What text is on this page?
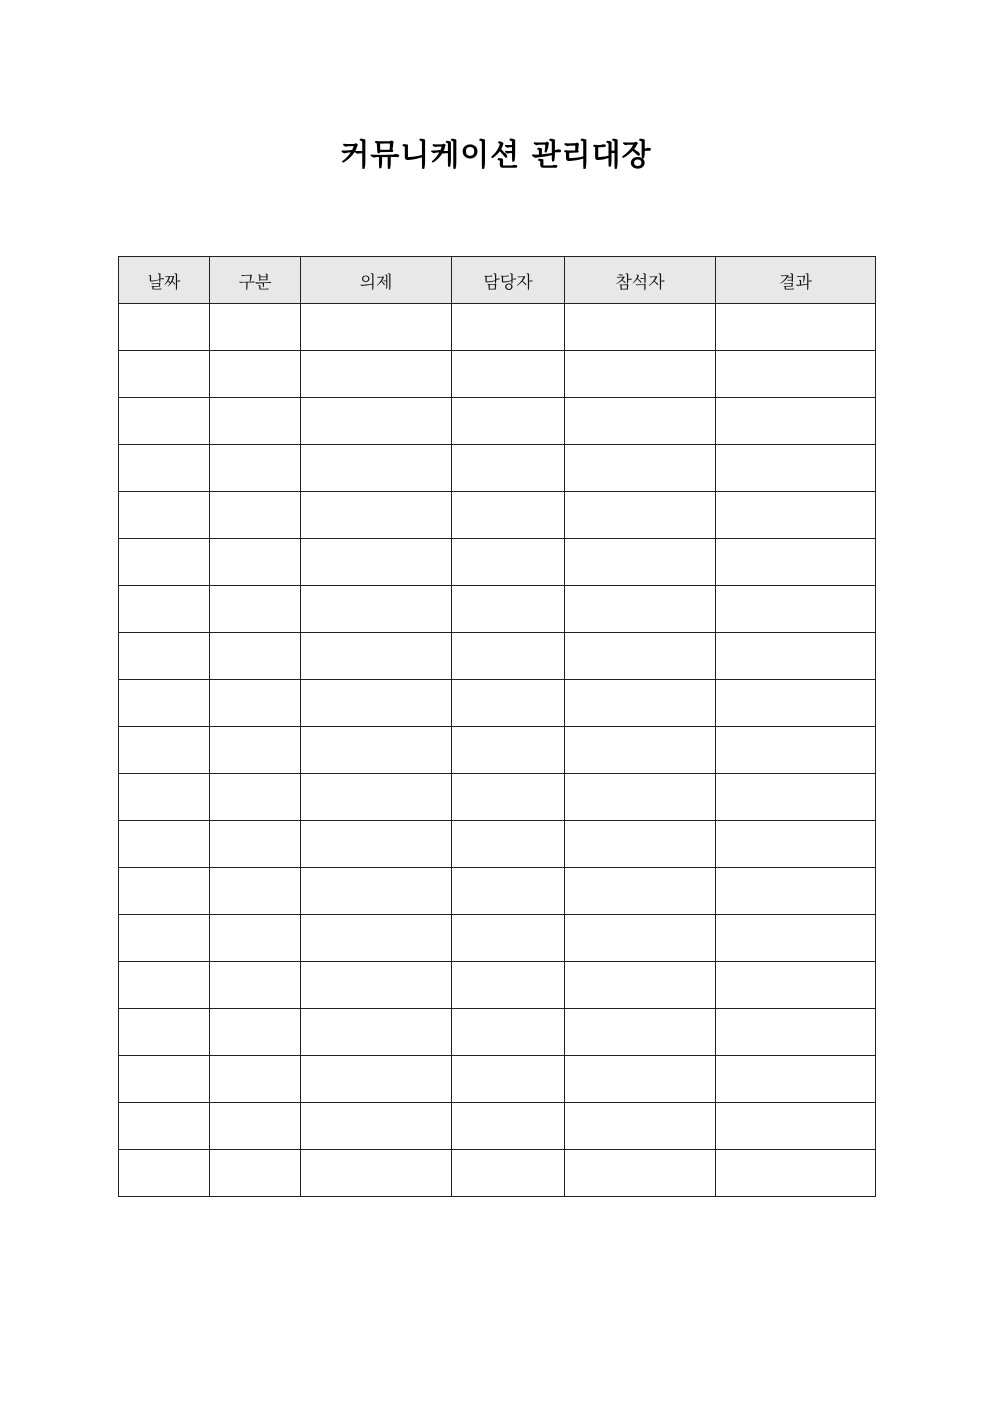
커뮤니케이션 관리대장
날짜	구분	의제	담당자	참석자	결과
